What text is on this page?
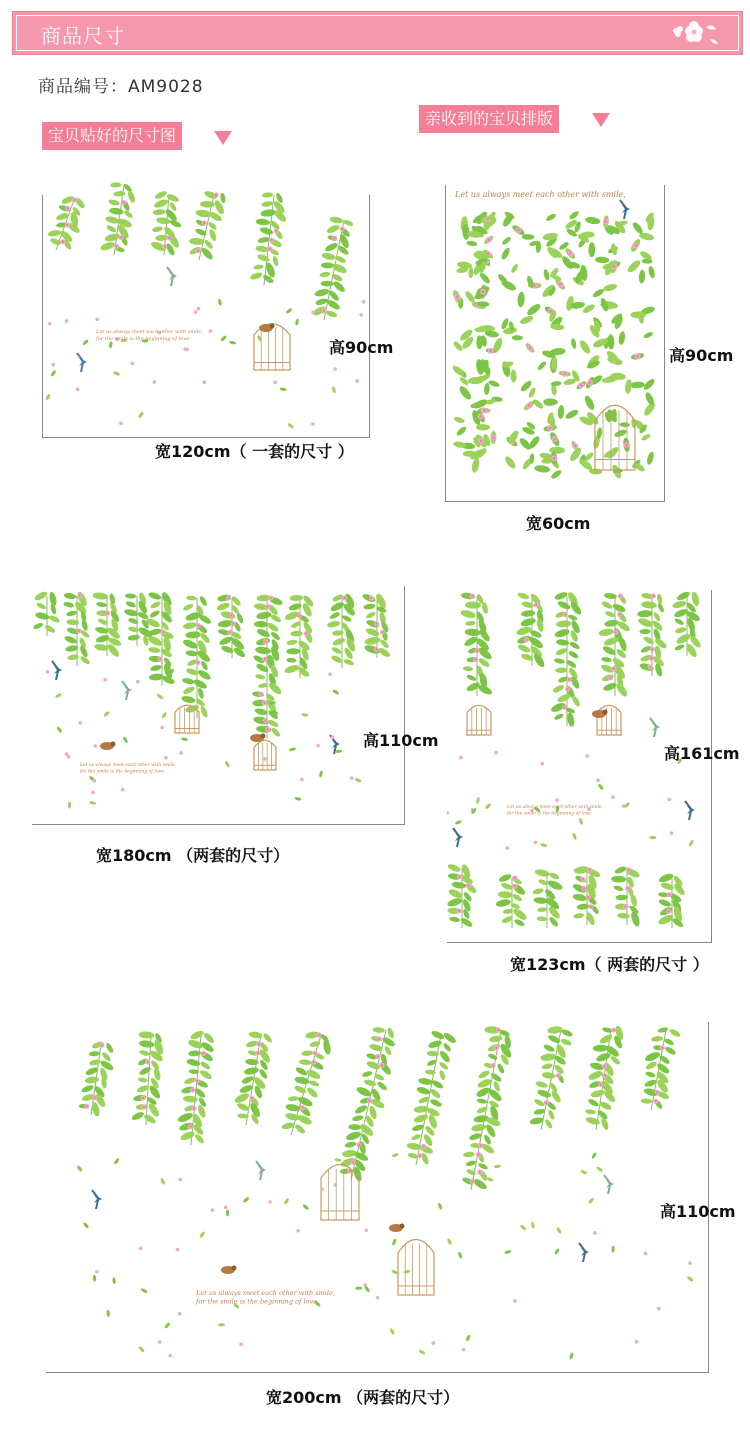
商品尺寸
商品编号：AM9028
宝贝贴好的尺寸图
亲收到的宝贝排版
Let us always meet each other with smile,
for the smile is the beginning of love.	高90cm
宽120cm（ 一套的尺寸 ）
Let us always meet each other with smile,
高90cm
宽60cm
Let us always meet each other with smile,
for the smile is the beginning of love.
高110cm
宽180cm （两套的尺寸）
Let us always meet each other with smile,
for the smile is the beginning of love.
高161cm
宽123cm（ 两套的尺寸 ）
Let us always meet each other with smile,
for the smile is the beginning of love.
高110cm
宽200cm （两套的尺寸）
